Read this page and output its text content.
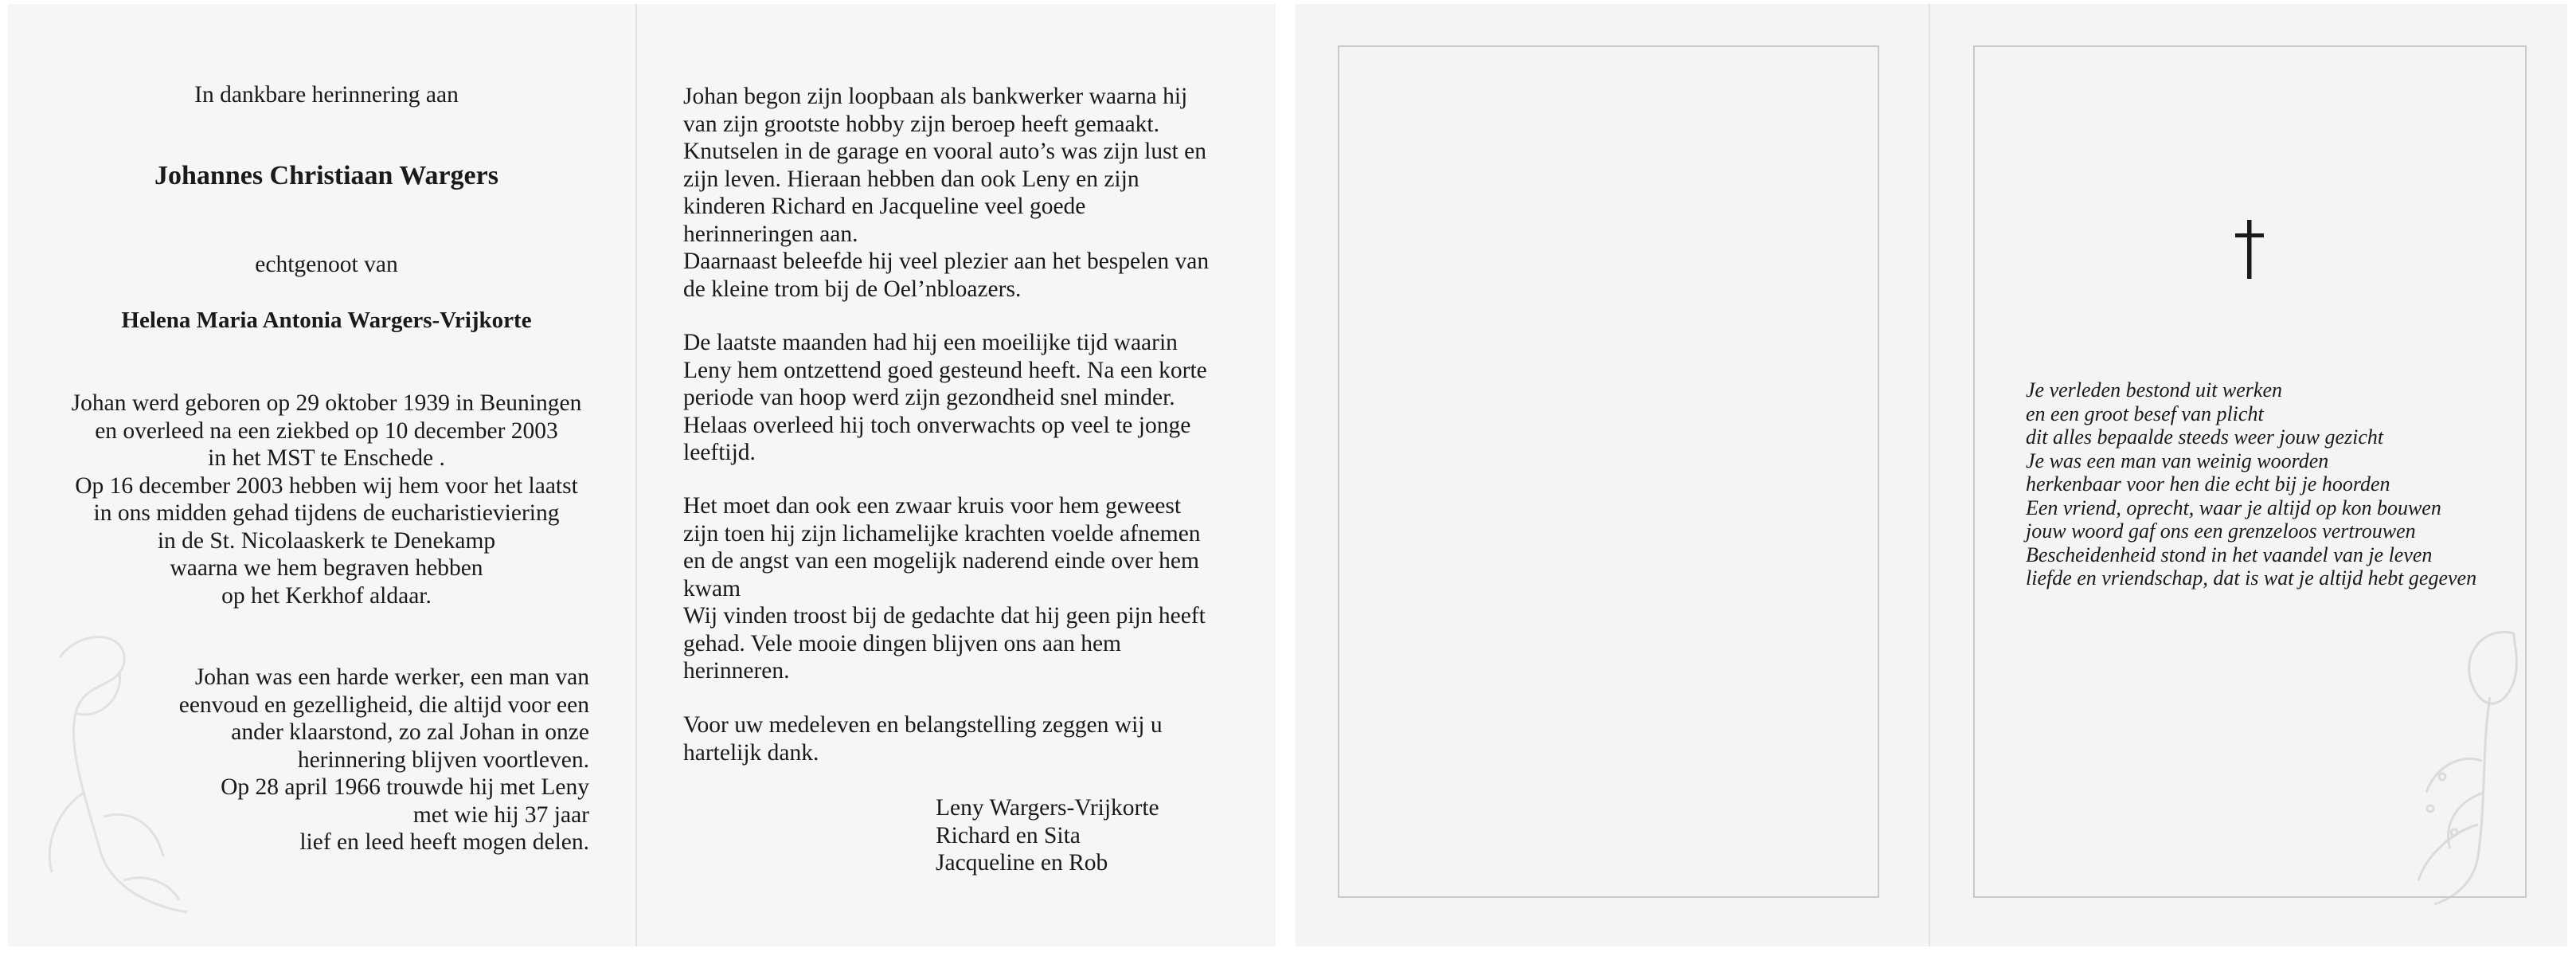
In dankbare herinnering aan
Johannes Christiaan Wargers
echtgenoot van
Helena Maria Antonia Wargers-Vrijkorte
Johan werd geboren op 29 oktober 1939 in Beuningen
en overleed na een ziekbed op 10 december 2003
in het MST te Enschede .
Op 16 december 2003 hebben wij hem voor het laatst
in ons midden gehad tijdens de eucharistieviering
in de St. Nicolaaskerk te Denekamp
waarna we hem begraven hebben
op het Kerkhof aldaar.
Johan was een harde werker, een man van
eenvoud en gezelligheid, die altijd voor een
ander klaarstond, zo zal Johan in onze
herinnering blijven voortleven.
Op 28 april 1966 trouwde hij met Leny
met wie hij 37 jaar
lief en leed heeft mogen delen.
Johan begon zijn loopbaan als bankwerker waarna hij
van zijn grootste hobby zijn beroep heeft gemaakt.
Knutselen in de garage en vooral auto’s was zijn lust en
zijn leven. Hieraan hebben dan ook Leny en zijn
kinderen Richard en Jacqueline veel goede
herinneringen aan.
Daarnaast beleefde hij veel plezier aan het bespelen van
de kleine trom bij de Oel’nbloazers.
De laatste maanden had hij een moeilijke tijd waarin
Leny hem ontzettend goed gesteund heeft. Na een korte
periode van hoop werd zijn gezondheid snel minder.
Helaas overleed hij toch onverwachts op veel te jonge
leeftijd.
Het moet dan ook een zwaar kruis voor hem geweest
zijn toen hij zijn lichamelijke krachten voelde afnemen
en de angst van een mogelijk naderend einde over hem
kwam
Wij vinden troost bij de gedachte dat hij geen pijn heeft
gehad. Vele mooie dingen blijven ons aan hem
herinneren.
Voor uw medeleven en belangstelling zeggen wij u
hartelijk dank.
Leny Wargers-Vrijkorte
Richard en Sita
Jacqueline en Rob
Je verleden bestond uit werken
en een groot besef van plicht
dit alles bepaalde steeds weer jouw gezicht
Je was een man van weinig woorden
herkenbaar voor hen die echt bij je hoorden
Een vriend, oprecht, waar je altijd op kon bouwen
jouw woord gaf ons een grenzeloos vertrouwen
Bescheidenheid stond in het vaandel van je leven
liefde en vriendschap, dat is wat je altijd hebt gegeven
